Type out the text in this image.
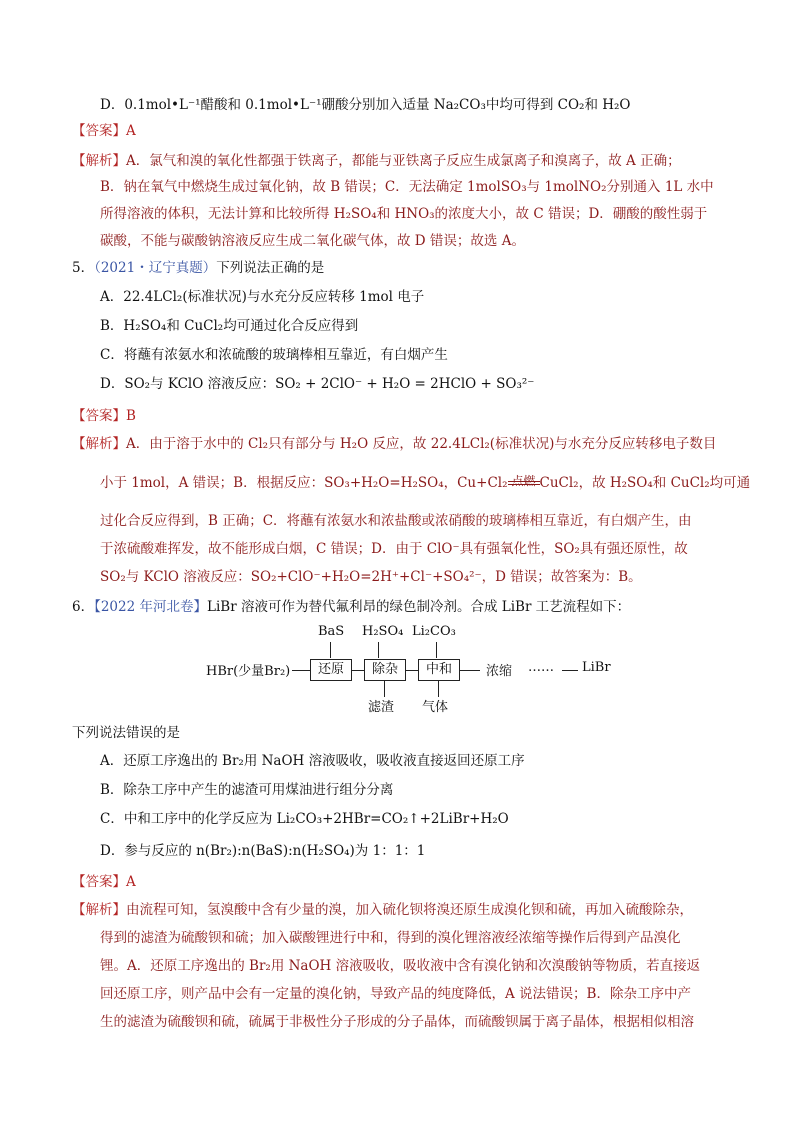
D．0.1mol•L⁻¹醋酸和 0.1mol•L⁻¹硼酸分别加入适量 Na₂CO₃中均可得到 CO₂和 H₂O
【答案】A
【解析】A．氯气和溴的氧化性都强于铁离子，都能与亚铁离子反应生成氯离子和溴离子，故 A 正确；
B．钠在氧气中燃烧生成过氧化钠，故 B 错误；C．无法确定 1molSO₃与 1molNO₂分别通入 1L 水中
所得溶液的体积，无法计算和比较所得 H₂SO₄和 HNO₃的浓度大小，故 C 错误；D．硼酸的酸性弱于
碳酸，不能与碳酸钠溶液反应生成二氧化碳气体，故 D 错误；故选 A。
5．（2021・辽宁真题）下列说法正确的是
A．22.4LCl₂(标准状况)与水充分反应转移 1mol 电子
B．H₂SO₄和 CuCl₂均可通过化合反应得到
C．将蘸有浓氨水和浓硫酸的玻璃棒相互靠近，有白烟产生
D．SO₂与 KClO 溶液反应：SO₂ + 2ClO⁻ + H₂O = 2HClO + SO₃²⁻
【答案】B
【解析】A．由于溶于水中的 Cl₂只有部分与 H₂O 反应，故 22.4LCl₂(标准状况)与水充分反应转移电子数目
小于 1mol，A 错误；B．根据反应：SO₃+H₂O=H₂SO₄，Cu+Cl₂ 点燃 CuCl₂，故 H₂SO₄和 CuCl₂均可通
过化合反应得到，B 正确；C．将蘸有浓氨水和浓盐酸或浓硝酸的玻璃棒相互靠近，有白烟产生，由
于浓硫酸难挥发，故不能形成白烟，C 错误；D．由于 ClO⁻具有强氧化性，SO₂具有强还原性，故
SO₂与 KClO 溶液反应：SO₂+ClO⁻+H₂O=2H⁺+Cl⁻+SO₄²⁻，D 错误；故答案为：B。
6．【2022 年河北卷】LiBr 溶液可作为替代氟利昂的绿色制冷剂。合成 LiBr 工艺流程如下：
BaS H₂SO₄ Li₂CO₃
HBr(少量Br₂)	还原	除杂	中和	浓缩 …… LiBr
滤渣 气体
下列说法错误的是
A．还原工序逸出的 Br₂用 NaOH 溶液吸收，吸收液直接返回还原工序
B．除杂工序中产生的滤渣可用煤油进行组分分离
C．中和工序中的化学反应为 Li₂CO₃+2HBr=CO₂↑+2LiBr+H₂O
D．参与反应的 n(Br₂):n(BaS):n(H₂SO₄)为 1：1：1
【答案】A
【解析】由流程可知，氢溴酸中含有少量的溴，加入硫化钡将溴还原生成溴化钡和硫，再加入硫酸除杂，
得到的滤渣为硫酸钡和硫；加入碳酸锂进行中和，得到的溴化锂溶液经浓缩等操作后得到产品溴化
锂。A．还原工序逸出的 Br₂用 NaOH 溶液吸收，吸收液中含有溴化钠和次溴酸钠等物质，若直接返
回还原工序，则产品中会有一定量的溴化钠，导致产品的纯度降低，A 说法错误；B．除杂工序中产
生的滤渣为硫酸钡和硫，硫属于非极性分子形成的分子晶体，而硫酸钡属于离子晶体，根据相似相溶
